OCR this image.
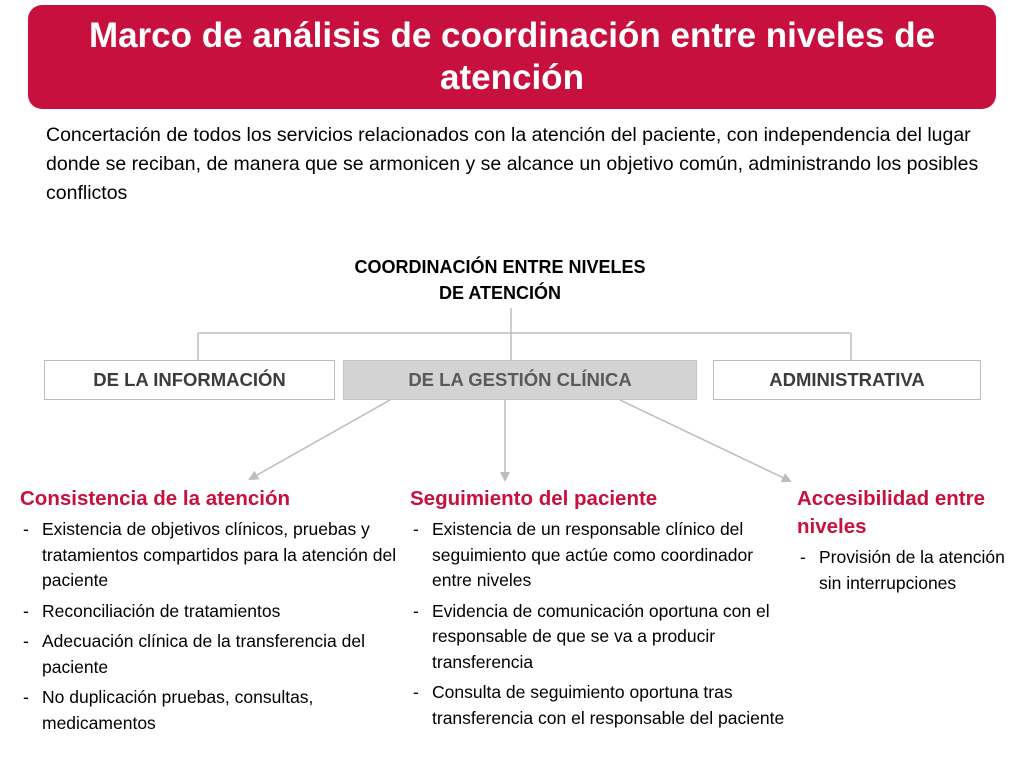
Marco de análisis de coordinación entre niveles de atención
Concertación de todos los servicios relacionados con la atención del paciente, con independencia del lugar donde se reciban, de manera que se armonicen y se alcance un objetivo común, administrando los posibles conflictos
COORDINACIÓN ENTRE NIVELES
DE ATENCIÓN
DE LA INFORMACIÓN	DE LA GESTIÓN CLÍNICA	ADMINISTRATIVA
Consistencia de la atención
- Existencia de objetivos clínicos, pruebas y tratamientos compartidos para la atención del paciente
- Reconciliación de tratamientos
- Adecuación clínica de la transferencia del paciente
- No duplicación pruebas, consultas, medicamentos
Seguimiento del paciente
- Existencia de un responsable clínico del seguimiento que actúe como coordinador entre niveles
- Evidencia de comunicación oportuna con el responsable de que se va a producir transferencia
- Consulta de seguimiento oportuna tras transferencia con el responsable del paciente
Accesibilidad entre niveles
- Provisión de la atención sin interrupciones
